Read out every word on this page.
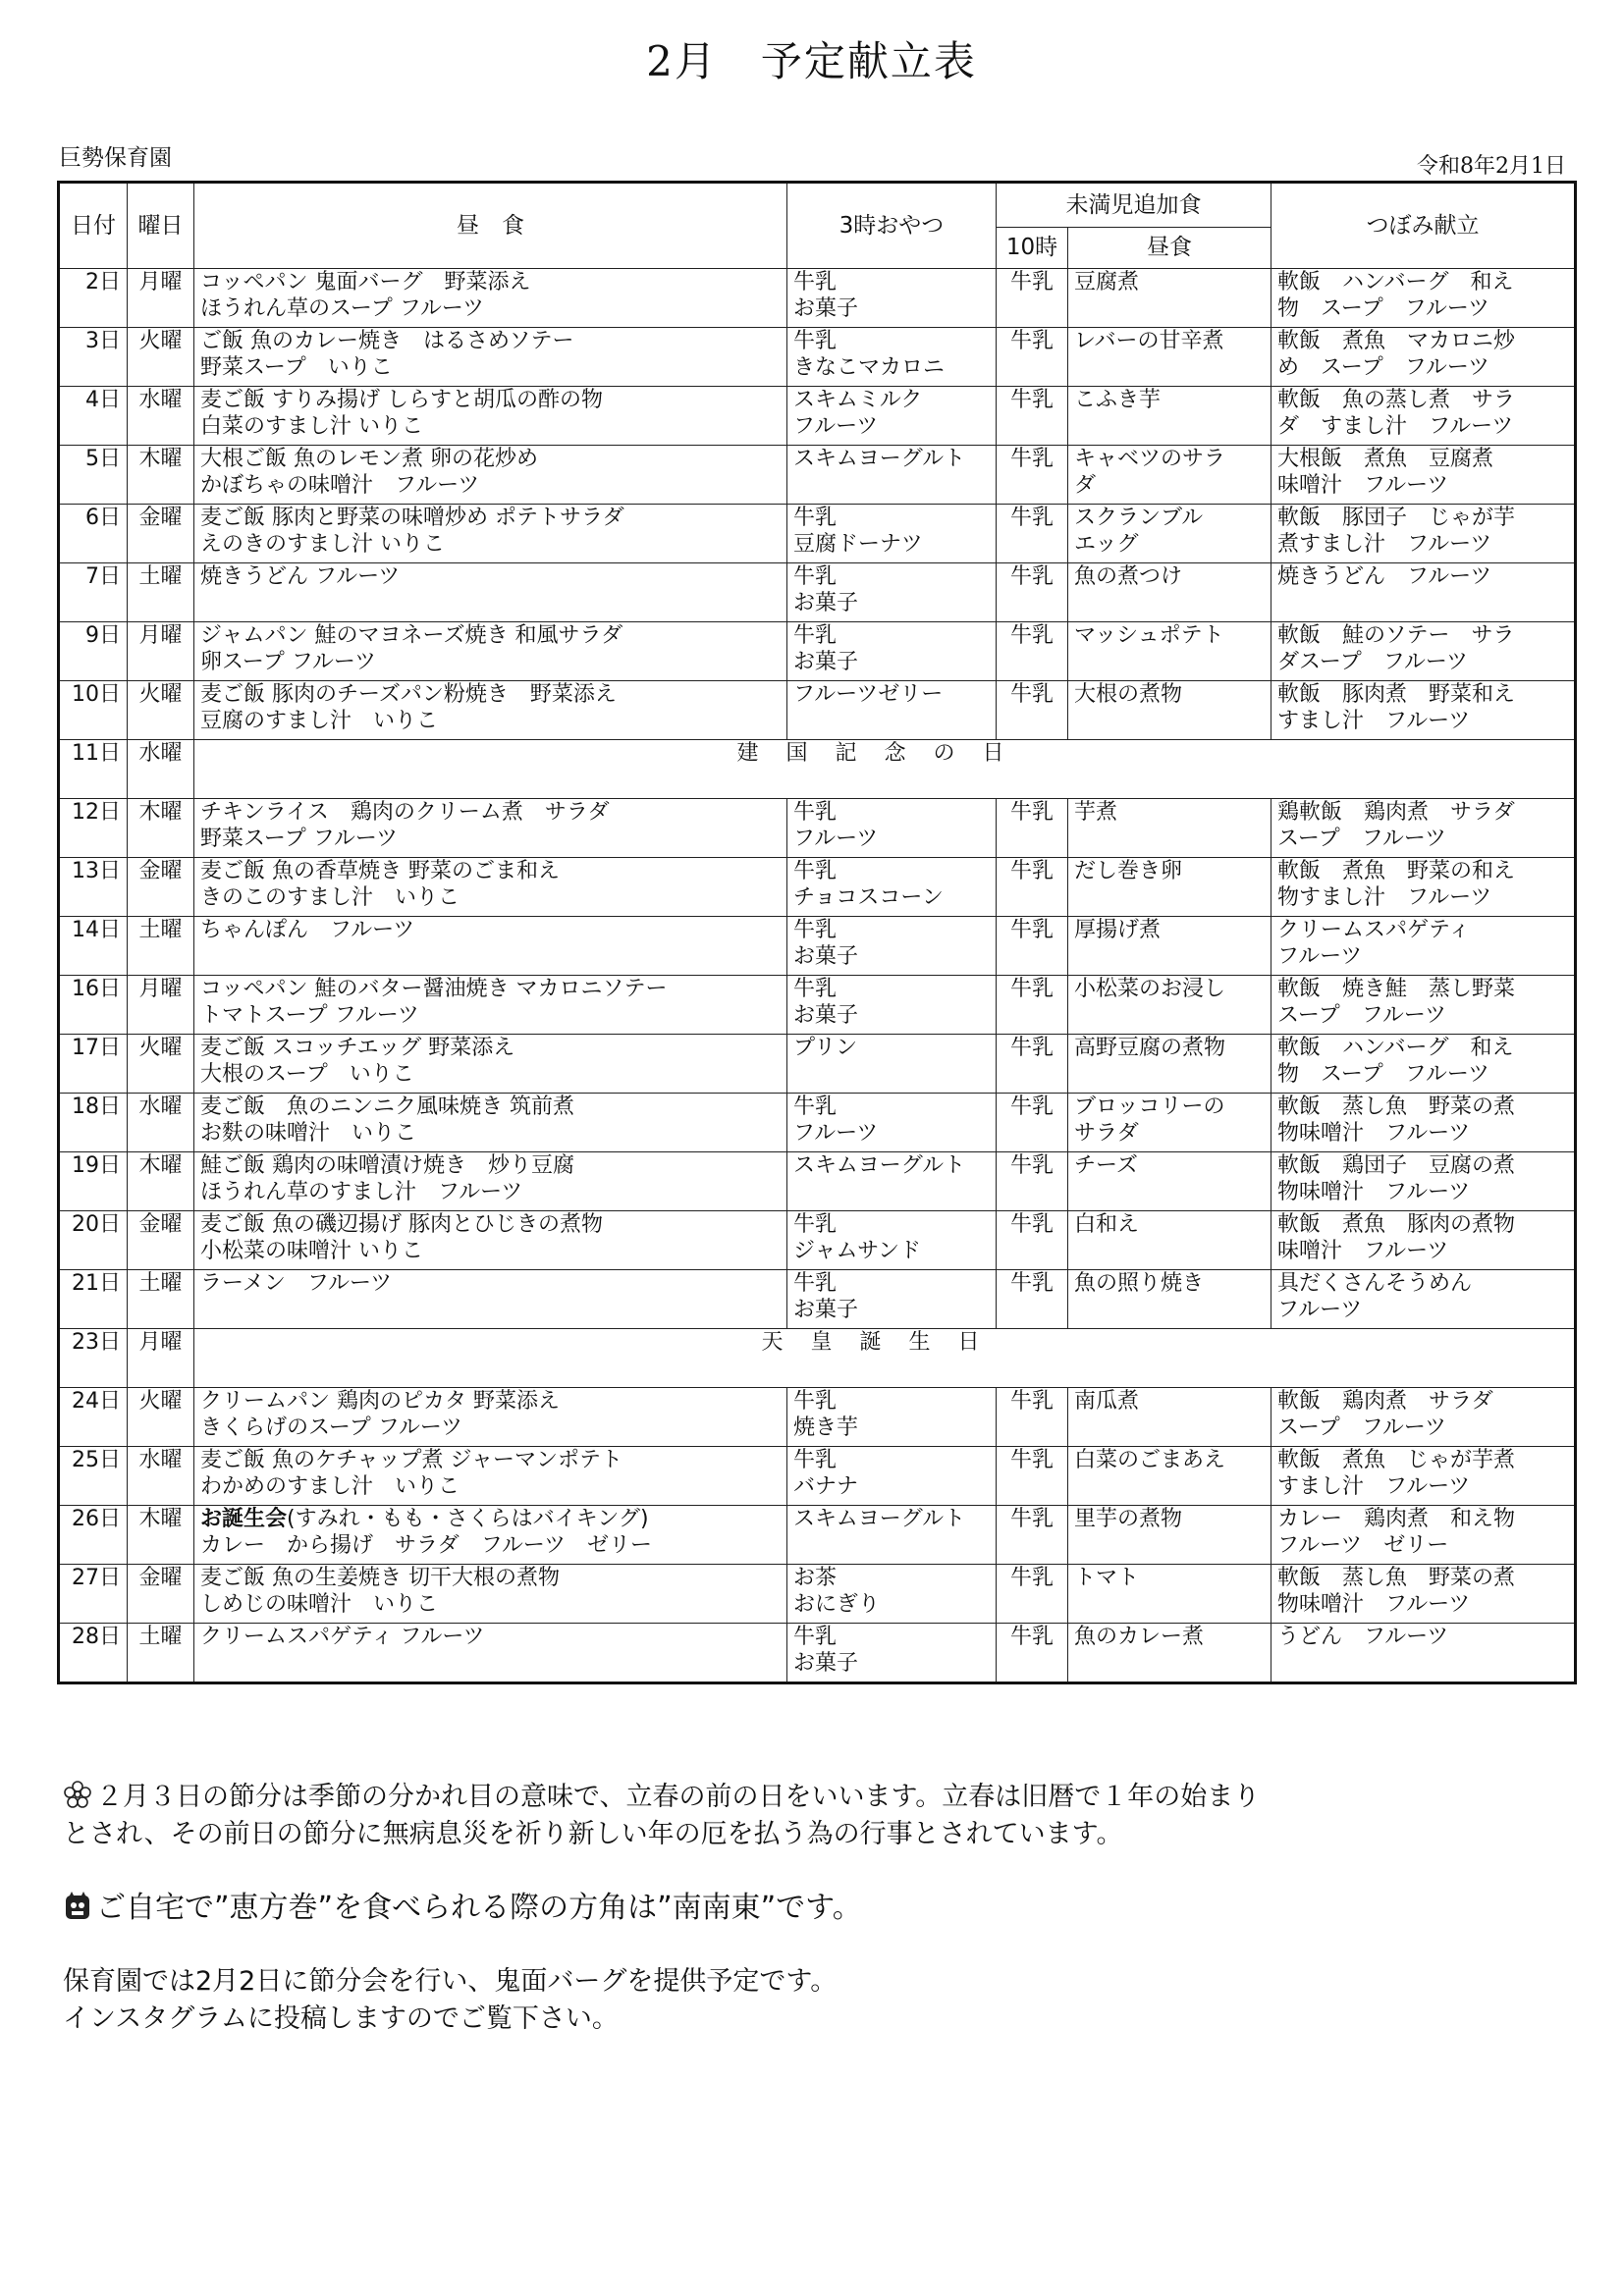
2月　予定献立表
巨勢保育園	令和8年2月1日
日付	曜日	昼　食	3時おやつ	未満児追加食		つぼみ献立
				10時	昼食	
2日	月曜	コッペパン 鬼面バーグ　野菜添え
ほうれん草のスープ フルーツ	牛乳
お菓子	牛乳	豆腐煮	軟飯　ハンバーグ　和え
物　スープ　フルーツ

3日	火曜	ご飯 魚のカレー焼き　はるさめソテー
野菜スープ　いりこ	牛乳
きなこマカロニ	牛乳	レバーの甘辛煮	軟飯　煮魚　マカロニ炒
め　スープ　フルーツ

4日	水曜	麦ご飯 すりみ揚げ しらすと胡瓜の酢の物
白菜のすまし汁 いりこ	スキムミルク
フルーツ	牛乳	こふき芋	軟飯　魚の蒸し煮　サラ
ダ　すまし汁　フルーツ

5日	木曜	大根ご飯 魚のレモン煮 卵の花炒め
かぼちゃの味噌汁　フルーツ	スキムヨーグルト	牛乳	キャベツのサラ
ダ	大根飯　煮魚　豆腐煮
味噌汁　フルーツ

6日	金曜	麦ご飯 豚肉と野菜の味噌炒め ポテトサラダ
えのきのすまし汁 いりこ	牛乳
豆腐ドーナツ	牛乳	スクランブル
エッグ	軟飯　豚団子　じゃが芋
煮すまし汁　フルーツ

7日	土曜	焼きうどん フルーツ	牛乳
お菓子	牛乳	魚の煮つけ	焼きうどん　フルーツ

9日	月曜	ジャムパン 鮭のマヨネーズ焼き 和風サラダ
卵スープ フルーツ	牛乳
お菓子	牛乳	マッシュポテト	軟飯　鮭のソテー　サラ
ダスープ　フルーツ

10日	火曜	麦ご飯 豚肉のチーズパン粉焼き　野菜添え
豆腐のすまし汁　いりこ	フルーツゼリー	牛乳	大根の煮物	軟飯　豚肉煮　野菜和え
すまし汁　フルーツ

11日	水曜	建国記念の日				
12日	木曜	チキンライス　鶏肉のクリーム煮　サラダ
野菜スープ フルーツ	牛乳
フルーツ	牛乳	芋煮	鶏軟飯　鶏肉煮　サラダ
スープ　フルーツ

13日	金曜	麦ご飯 魚の香草焼き 野菜のごま和え
きのこのすまし汁　いりこ	牛乳
チョコスコーン	牛乳	だし巻き卵	軟飯　煮魚　野菜の和え
物すまし汁　フルーツ

14日	土曜	ちゃんぽん　フルーツ	牛乳
お菓子	牛乳	厚揚げ煮	クリームスパゲティ
フルーツ

16日	月曜	コッペパン 鮭のバター醤油焼き マカロニソテー
トマトスープ フルーツ	牛乳
お菓子	牛乳	小松菜のお浸し	軟飯　焼き鮭　蒸し野菜
スープ　フルーツ

17日	火曜	麦ご飯 スコッチエッグ 野菜添え
大根のスープ　いりこ	プリン	牛乳	高野豆腐の煮物	軟飯　ハンバーグ　和え
物　スープ　フルーツ

18日	水曜	麦ご飯　魚のニンニク風味焼き 筑前煮
お麩の味噌汁　いりこ	牛乳
フルーツ	牛乳	ブロッコリーの
サラダ	軟飯　蒸し魚　野菜の煮
物味噌汁　フルーツ

19日	木曜	鮭ご飯 鶏肉の味噌漬け焼き　炒り豆腐
ほうれん草のすまし汁　フルーツ	スキムヨーグルト	牛乳	チーズ	軟飯　鶏団子　豆腐の煮
物味噌汁　フルーツ

20日	金曜	麦ご飯 魚の磯辺揚げ 豚肉とひじきの煮物
小松菜の味噌汁 いりこ	牛乳
ジャムサンド	牛乳	白和え	軟飯　煮魚　豚肉の煮物
味噌汁　フルーツ

21日	土曜	ラーメン　フルーツ	牛乳
お菓子	牛乳	魚の照り焼き	具だくさんそうめん
フルーツ

23日	月曜	天皇誕生日				
24日	火曜	クリームパン 鶏肉のピカタ 野菜添え
きくらげのスープ フルーツ	牛乳
焼き芋	牛乳	南瓜煮	軟飯　鶏肉煮　サラダ
スープ　フルーツ

25日	水曜	麦ご飯 魚のケチャップ煮 ジャーマンポテト
わかめのすまし汁　いりこ	牛乳
バナナ	牛乳	白菜のごまあえ	軟飯　煮魚　じゃが芋煮
すまし汁　フルーツ

26日	木曜	お誕生会(すみれ・もも・さくらはバイキング)
カレー　から揚げ　サラダ　フルーツ　ゼリー	スキムヨーグルト	牛乳	里芋の煮物	カレー　鶏肉煮　和え物
フルーツ　ゼリー

27日	金曜	麦ご飯 魚の生姜焼き 切干大根の煮物
しめじの味噌汁　いりこ	お茶
おにぎり	牛乳	トマト	軟飯　蒸し魚　野菜の煮
物味噌汁　フルーツ

28日	土曜	クリームスパゲティ フルーツ	牛乳
お菓子	牛乳	魚のカレー煮	うどん　フルーツ
２月３日の節分は季節の分かれ目の意味で、立春の前の日をいいます。立春は旧暦で１年の始まり
とされ、その前日の節分に無病息災を祈り新しい年の厄を払う為の行事とされています。
ご自宅で”恵方巻”を食べられる際の方角は”南南東”です。
保育園では2月2日に節分会を行い、鬼面バーグを提供予定です。
インスタグラムに投稿しますのでご覧下さい。
